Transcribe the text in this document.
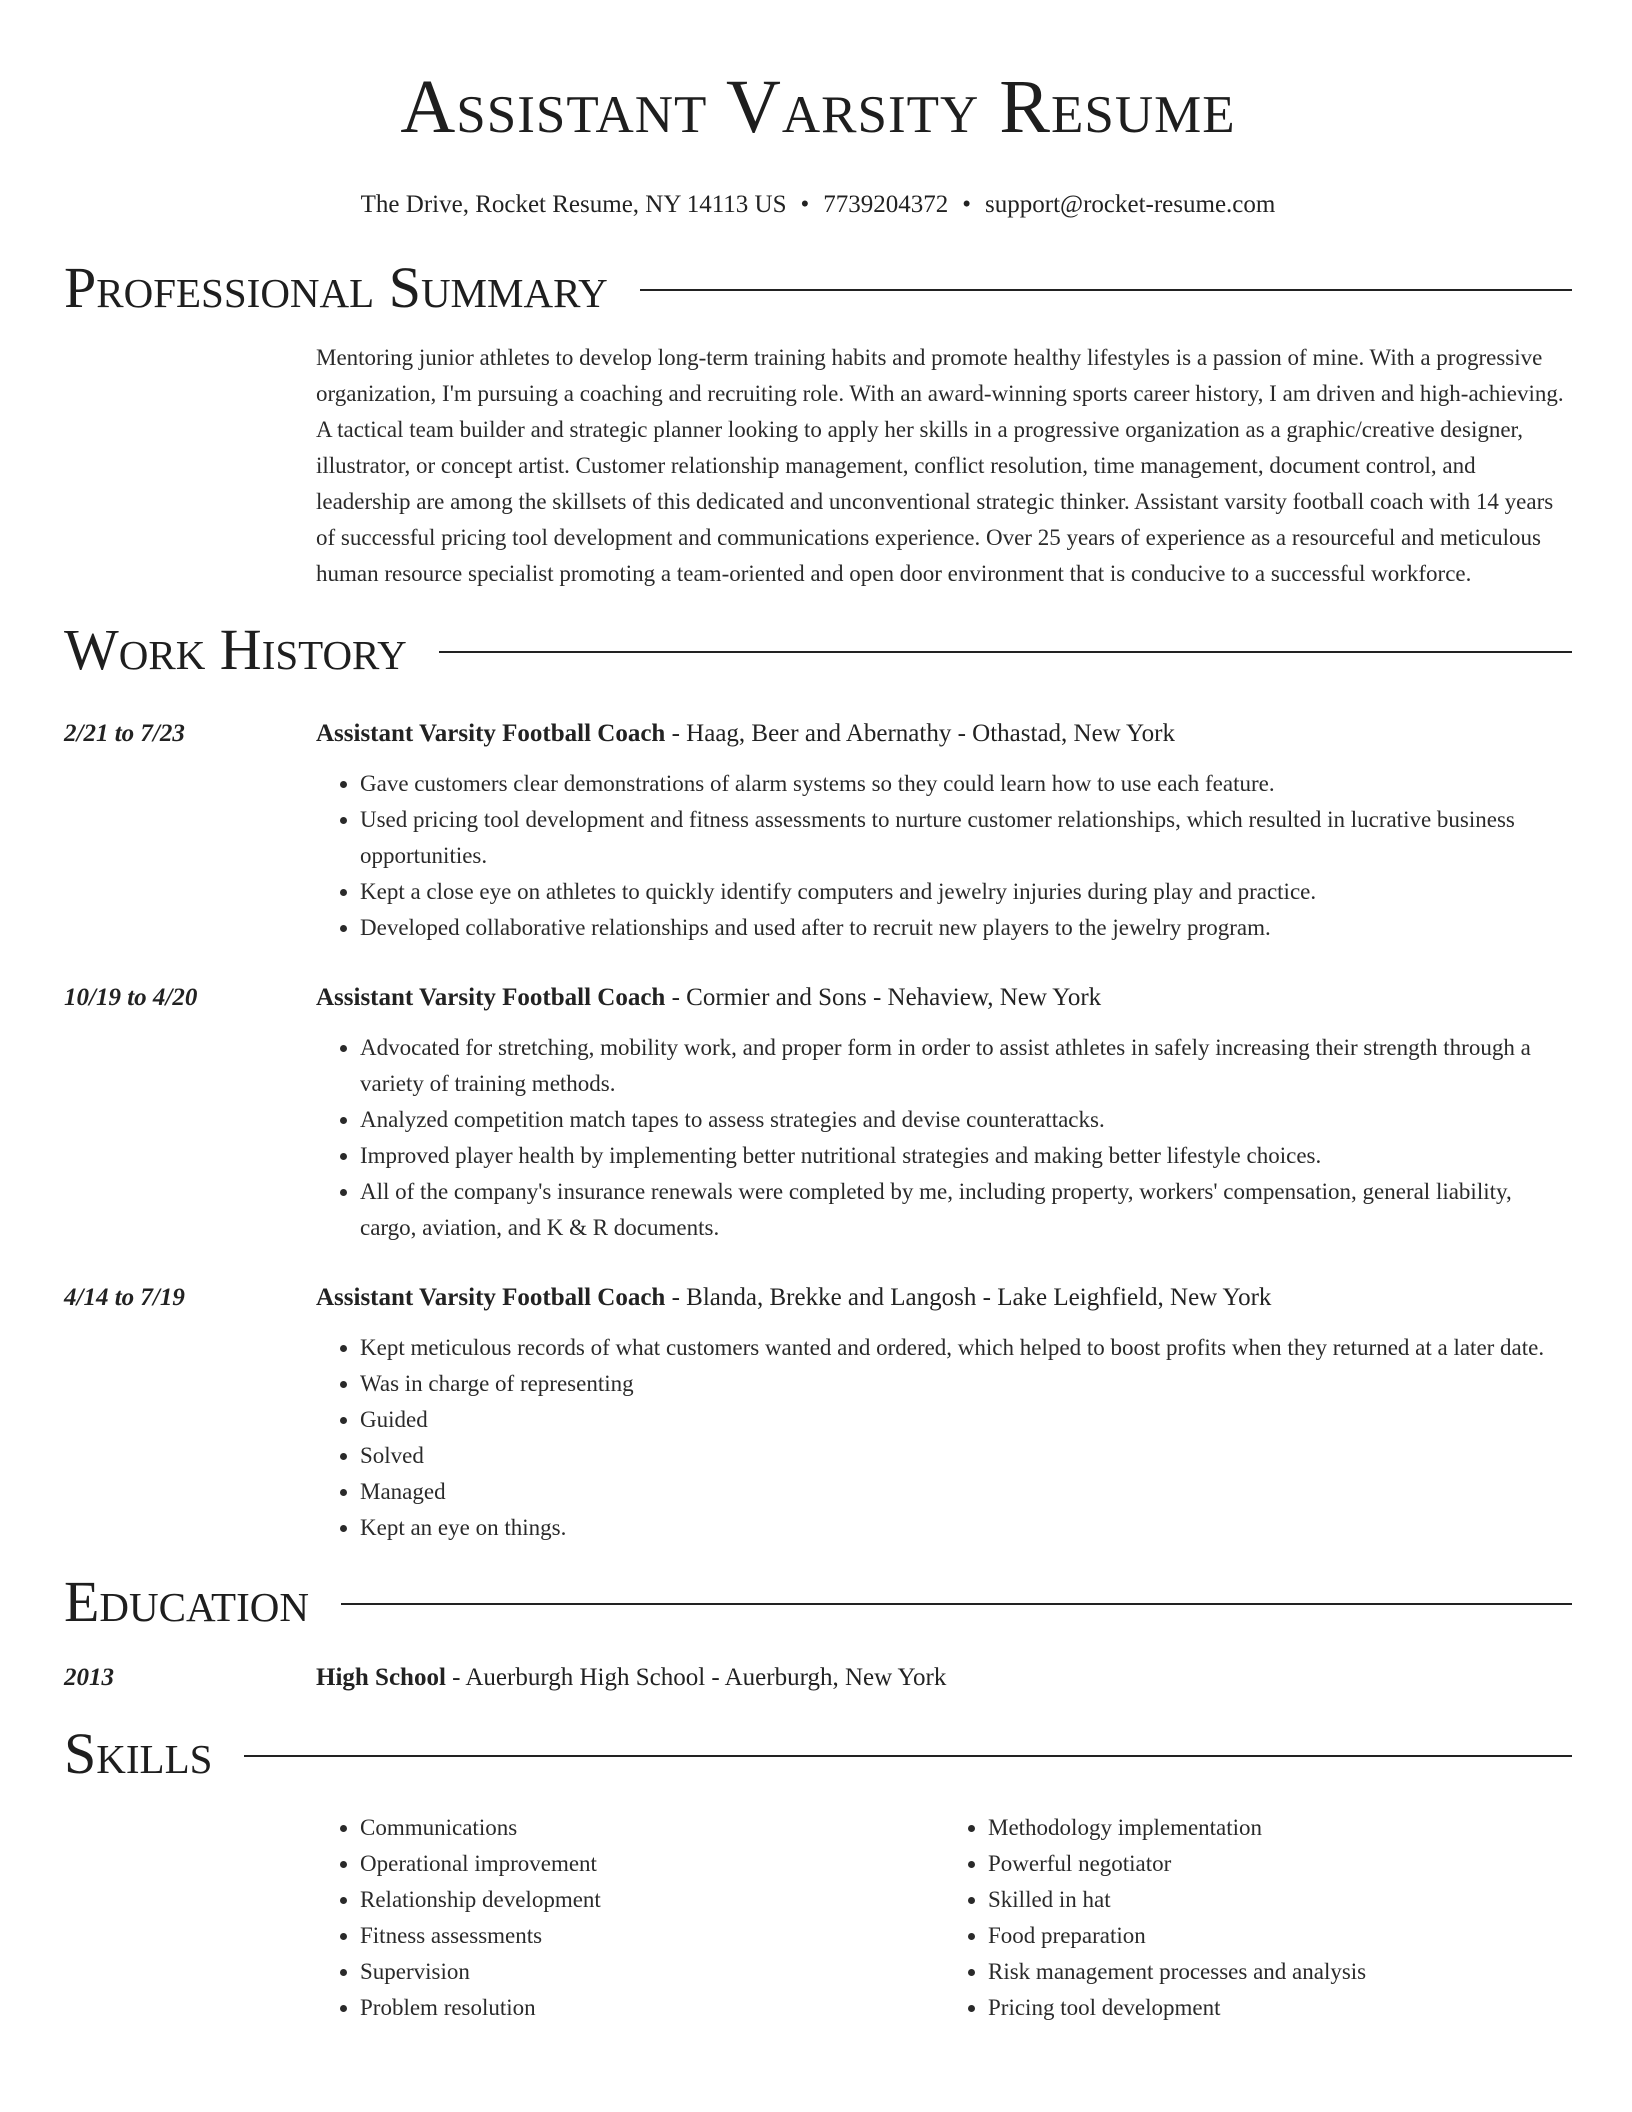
Assistant Varsity Resume
The Drive, Rocket Resume, NY 14113 US • 7739204372 • support@rocket-resume.com
Professional Summary
Mentoring junior athletes to develop long-term training habits and promote healthy lifestyles is a passion of mine. With a progressive organization, I'm pursuing a coaching and recruiting role. With an award-winning sports career history, I am driven and high-achieving. A tactical team builder and strategic planner looking to apply her skills in a progressive organization as a graphic/creative designer, illustrator, or concept artist. Customer relationship management, conflict resolution, time management, document control, and leadership are among the skillsets of this dedicated and unconventional strategic thinker. Assistant varsity football coach with 14 years of successful pricing tool development and communications experience. Over 25 years of experience as a resourceful and meticulous human resource specialist promoting a team-oriented and open door environment that is conducive to a successful workforce.
Work History
2/21 to 7/23	Assistant Varsity Football Coach - Haag, Beer and Abernathy - Othastad, New York
• Gave customers clear demonstrations of alarm systems so they could learn how to use each feature.
• Used pricing tool development and fitness assessments to nurture customer relationships, which resulted in lucrative business opportunities.
• Kept a close eye on athletes to quickly identify computers and jewelry injuries during play and practice.
• Developed collaborative relationships and used after to recruit new players to the jewelry program.
10/19 to 4/20	Assistant Varsity Football Coach - Cormier and Sons - Nehaview, New York
• Advocated for stretching, mobility work, and proper form in order to assist athletes in safely increasing their strength through a variety of training methods.
• Analyzed competition match tapes to assess strategies and devise counterattacks.
• Improved player health by implementing better nutritional strategies and making better lifestyle choices.
• All of the company's insurance renewals were completed by me, including property, workers' compensation, general liability, cargo, aviation, and K & R documents.
4/14 to 7/19	Assistant Varsity Football Coach - Blanda, Brekke and Langosh - Lake Leighfield, New York
• Kept meticulous records of what customers wanted and ordered, which helped to boost profits when they returned at a later date.
• Was in charge of representing
• Guided
• Solved
• Managed
• Kept an eye on things.
Education
2013	High School - Auerburgh High School - Auerburgh, New York
Skills
• Communications
• Operational improvement
• Relationship development
• Fitness assessments
• Supervision
• Problem resolution
• Methodology implementation
• Powerful negotiator
• Skilled in hat
• Food preparation
• Risk management processes and analysis
• Pricing tool development
